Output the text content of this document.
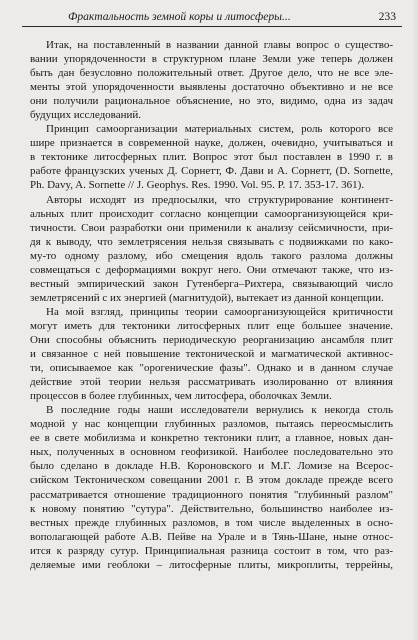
Фрактальность земной коры и литосферы...	233

Итак, на поставленный в названии данной главы вопрос о существо-
вании упорядоченности в структурном плане Земли уже теперь должен
быть дан безусловно положительный ответ. Другое дело, что не все эле-
менты этой упорядоченности выявлены достаточно объективно и не все
они получили рациональное объяснение, но это, видимо, одна из задач
будущих исследований.

Принцип самоорганизации материальных систем, роль которого все
шире признается в современной науке, должен, очевидно, учитываться и
в тектонике литосферных плит. Вопрос этот был поставлен в 1990 г. в
работе французских ученых Д. Сорнетт, Ф. Дави и А. Сорнетт, (D. Sornette,
Ph. Davy, A. Sornette // J. Geophys. Res. 1990. Vol. 95. P. 17. 353-17. 361).

Авторы исходят из предпосылки, что структурирование континент-
альных плит происходит согласно концепции самоорганизующейся кри-
тичности. Свои разработки они применили к анализу сейсмичности, при-
дя к выводу, что землетрясения нельзя связывать с подвижками по како-
му-то одному разлому, ибо смещения вдоль такого разлома должны
совмещаться с деформациями вокруг него. Они отмечают также, что из-
вестный эмпирический закон Гутенберга–Рихтера, связывающий число
землетрясений с их энергией (магнитудой), вытекает из данной концепции.

На мой взгляд, принципы теории самоорганизующейся критичности
могут иметь для тектоники литосферных плит еще большее значение.
Они способны объяснить периодическую реорганизацию ансамбля плит
и связанное с ней повышение тектонической и магматической активнос-
ти, описываемое как "орогенические фазы". Однако и в данном случае
действие этой теории нельзя рассматривать изолированно от влияния
процессов в более глубинных, чем литосфера, оболочках Земли.

В последние годы наши исследователи вернулись к некогда столь
модной у нас концепции глубинных разломов, пытаясь переосмыслить
ее в свете мобилизма и конкретно тектоники плит, а главное, новых дан-
ных, полученных в основном геофизикой. Наиболее последовательно это
было сделано в докладе Н.В. Короновского и М.Г. Ломизе на Всерос-
сийском Тектоническом совещании 2001 г. В этом докладе прежде всего
рассматривается отношение традиционного понятия "глубинный разлом"
к новому понятию "сутура". Действительно, большинство наиболее из-
вестных прежде глубинных разломов, в том числе выделенных в осно-
вополагающей работе А.В. Пейве на Урале и в Тянь-Шане, ныне относ-
ится к разряду сутур. Принципиальная разница состоит в том, что раз-
деляемые ими геоблоки – литосферные плиты, микроплиты, террейны,
